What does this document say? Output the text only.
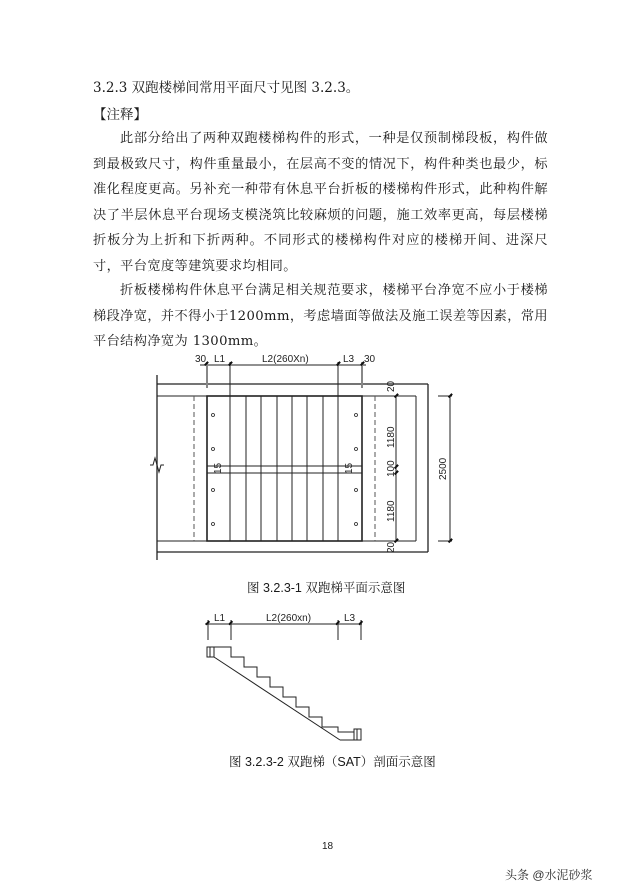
3.2.3 双跑楼梯间常用平面尺寸见图 3.2.3。
【注释】
此部分给出了两种双跑楼梯构件的形式，一种是仅预制梯段板，构件做到最极致尺寸，构件重量最小，在层高不变的情况下，构件种类也最少，标准化程度更高。另补充一种带有休息平台折板的楼梯构件形式，此种构件解决了半层休息平台现场支模浇筑比较麻烦的问题，施工效率更高，每层楼梯折板分为上折和下折两种。不同形式的楼梯构件对应的楼梯开间、进深尺寸，平台宽度等建筑要求均相同。
折板楼梯构件休息平台满足相关规范要求，楼梯平台净宽不应小于楼梯梯段净宽，并不得小于1200mm，考虑墙面等做法及施工误差等因素，常用平台结构净宽为 1300mm。
30 L1	L2(260Xn)	L3 30
20
1180
100
1180
20
2500
15	15
图 3.2.3-1 双跑梯平面示意图
L1	L2(260xn)	L3
图 3.2.3-2 双跑梯（SAT）剖面示意图
18
头条 @水泥砂浆
